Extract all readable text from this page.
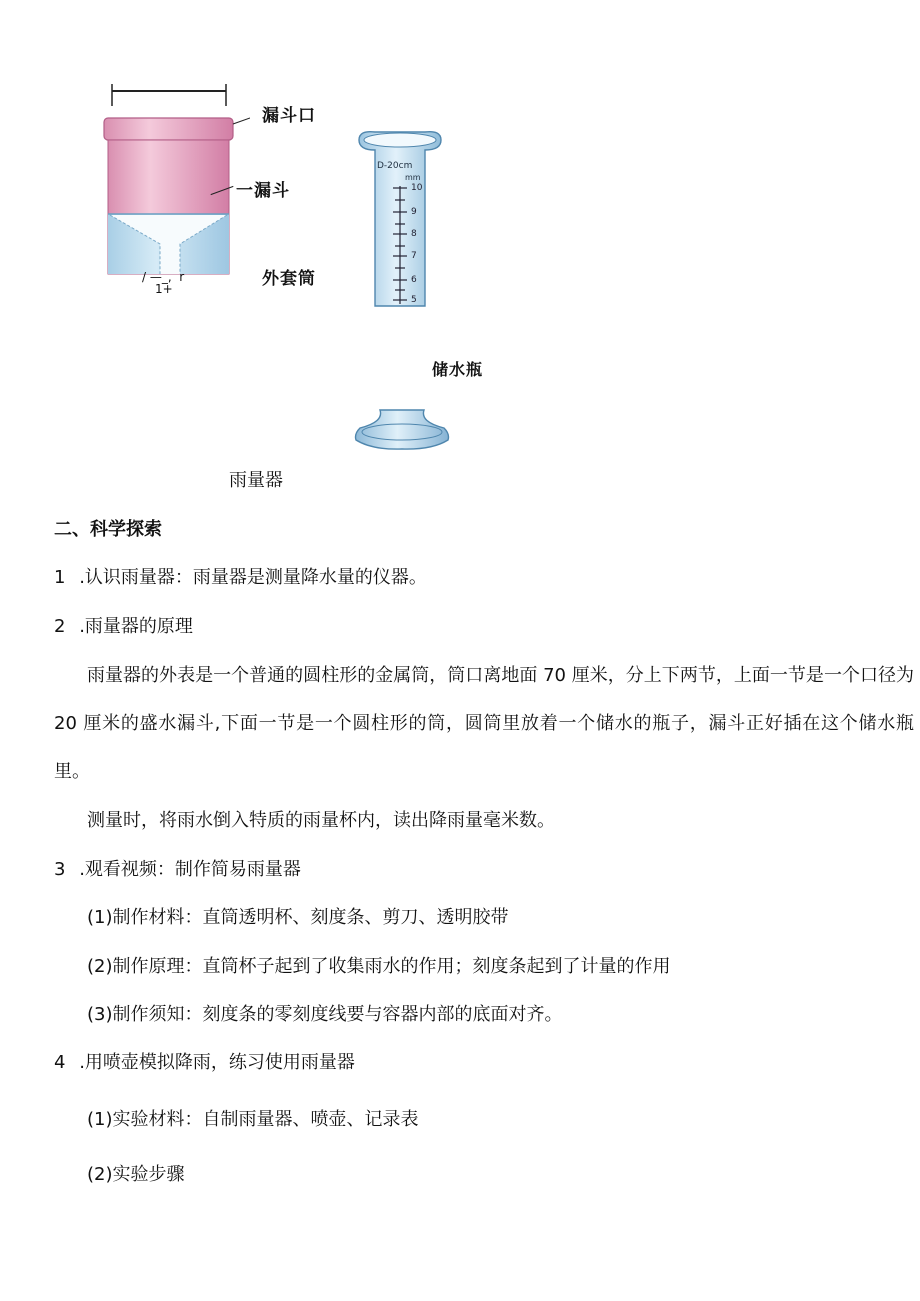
漏斗口
一漏斗
外套筒
/ —_,  r
1+
D-20cm
mm
10
9
8
7
6
5
储水瓶
雨量器
二、科学探索
1 .认识雨量器：雨量器是测量降水量的仪器。
2 .雨量器的原理
雨量器的外表是一个普通的圆柱形的金属筒，筒口离地面 70 厘米，分上下两节，上面一节是一个口径为 20 厘米的盛水漏斗,下面一节是一个圆柱形的筒，圆筒里放着一个储水的瓶子，漏斗正好插在这个储水瓶里。
测量时，将雨水倒入特质的雨量杯内，读出降雨量毫米数。
3 .观看视频：制作简易雨量器
(1)制作材料：直筒透明杯、刻度条、剪刀、透明胶带
(2)制作原理：直筒杯子起到了收集雨水的作用；刻度条起到了计量的作用
(3)制作须知：刻度条的零刻度线要与容器内部的底面对齐。
4 .用喷壶模拟降雨，练习使用雨量器
(1)实验材料：自制雨量器、喷壶、记录表
(2)实验步骤
